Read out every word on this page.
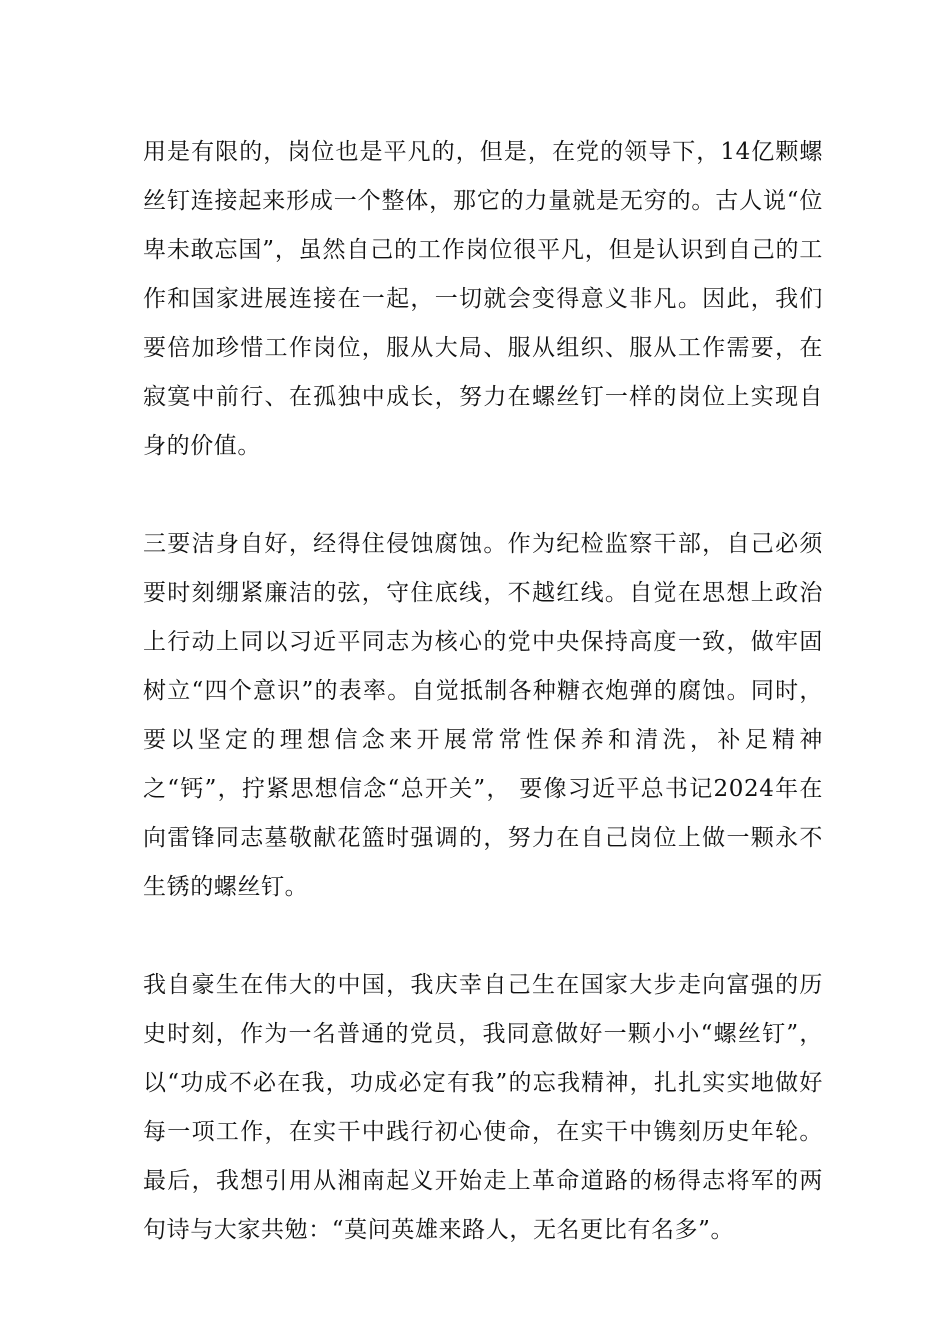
用是有限的，岗位也是平凡的，但是，在党的领导下，14亿颗螺丝钉连接起来形成一个整体，那它的力量就是无穷的。古人说“位卑未敢忘国”，虽然自己的工作岗位很平凡，但是认识到自己的工作和国家进展连接在一起，一切就会变得意义非凡。因此，我们要倍加珍惜工作岗位，服从大局、服从组织、服从工作需要，在寂寞中前行、在孤独中成长，努力在螺丝钉一样的岗位上实现自身的价值。

三要洁身自好，经得住侵蚀腐蚀。作为纪检监察干部，自己必须要时刻绷紧廉洁的弦，守住底线，不越红线。自觉在思想上政治上行动上同以习近平同志为核心的党中央保持高度一致，做牢固树立“四个意识”的表率。自觉抵制各种糖衣炮弹的腐蚀。同时，要以坚定的理想信念来开展常常性保养和清洗，补足精神之“钙”，拧紧思想信念“总开关”， 要像习近平总书记2024年在向雷锋同志墓敬献花篮时强调的，努力在自己岗位上做一颗永不生锈的螺丝钉。

我自豪生在伟大的中国，我庆幸自己生在国家大步走向富强的历史时刻，作为一名普通的党员，我同意做好一颗小小“螺丝钉”，以“功成不必在我，功成必定有我”的忘我精神，扎扎实实地做好每一项工作，在实干中践行初心使命，在实干中镌刻历史年轮。最后，我想引用从湘南起义开始走上革命道路的杨得志将军的两句诗与大家共勉：“莫问英雄来路人，无名更比有名多”。
